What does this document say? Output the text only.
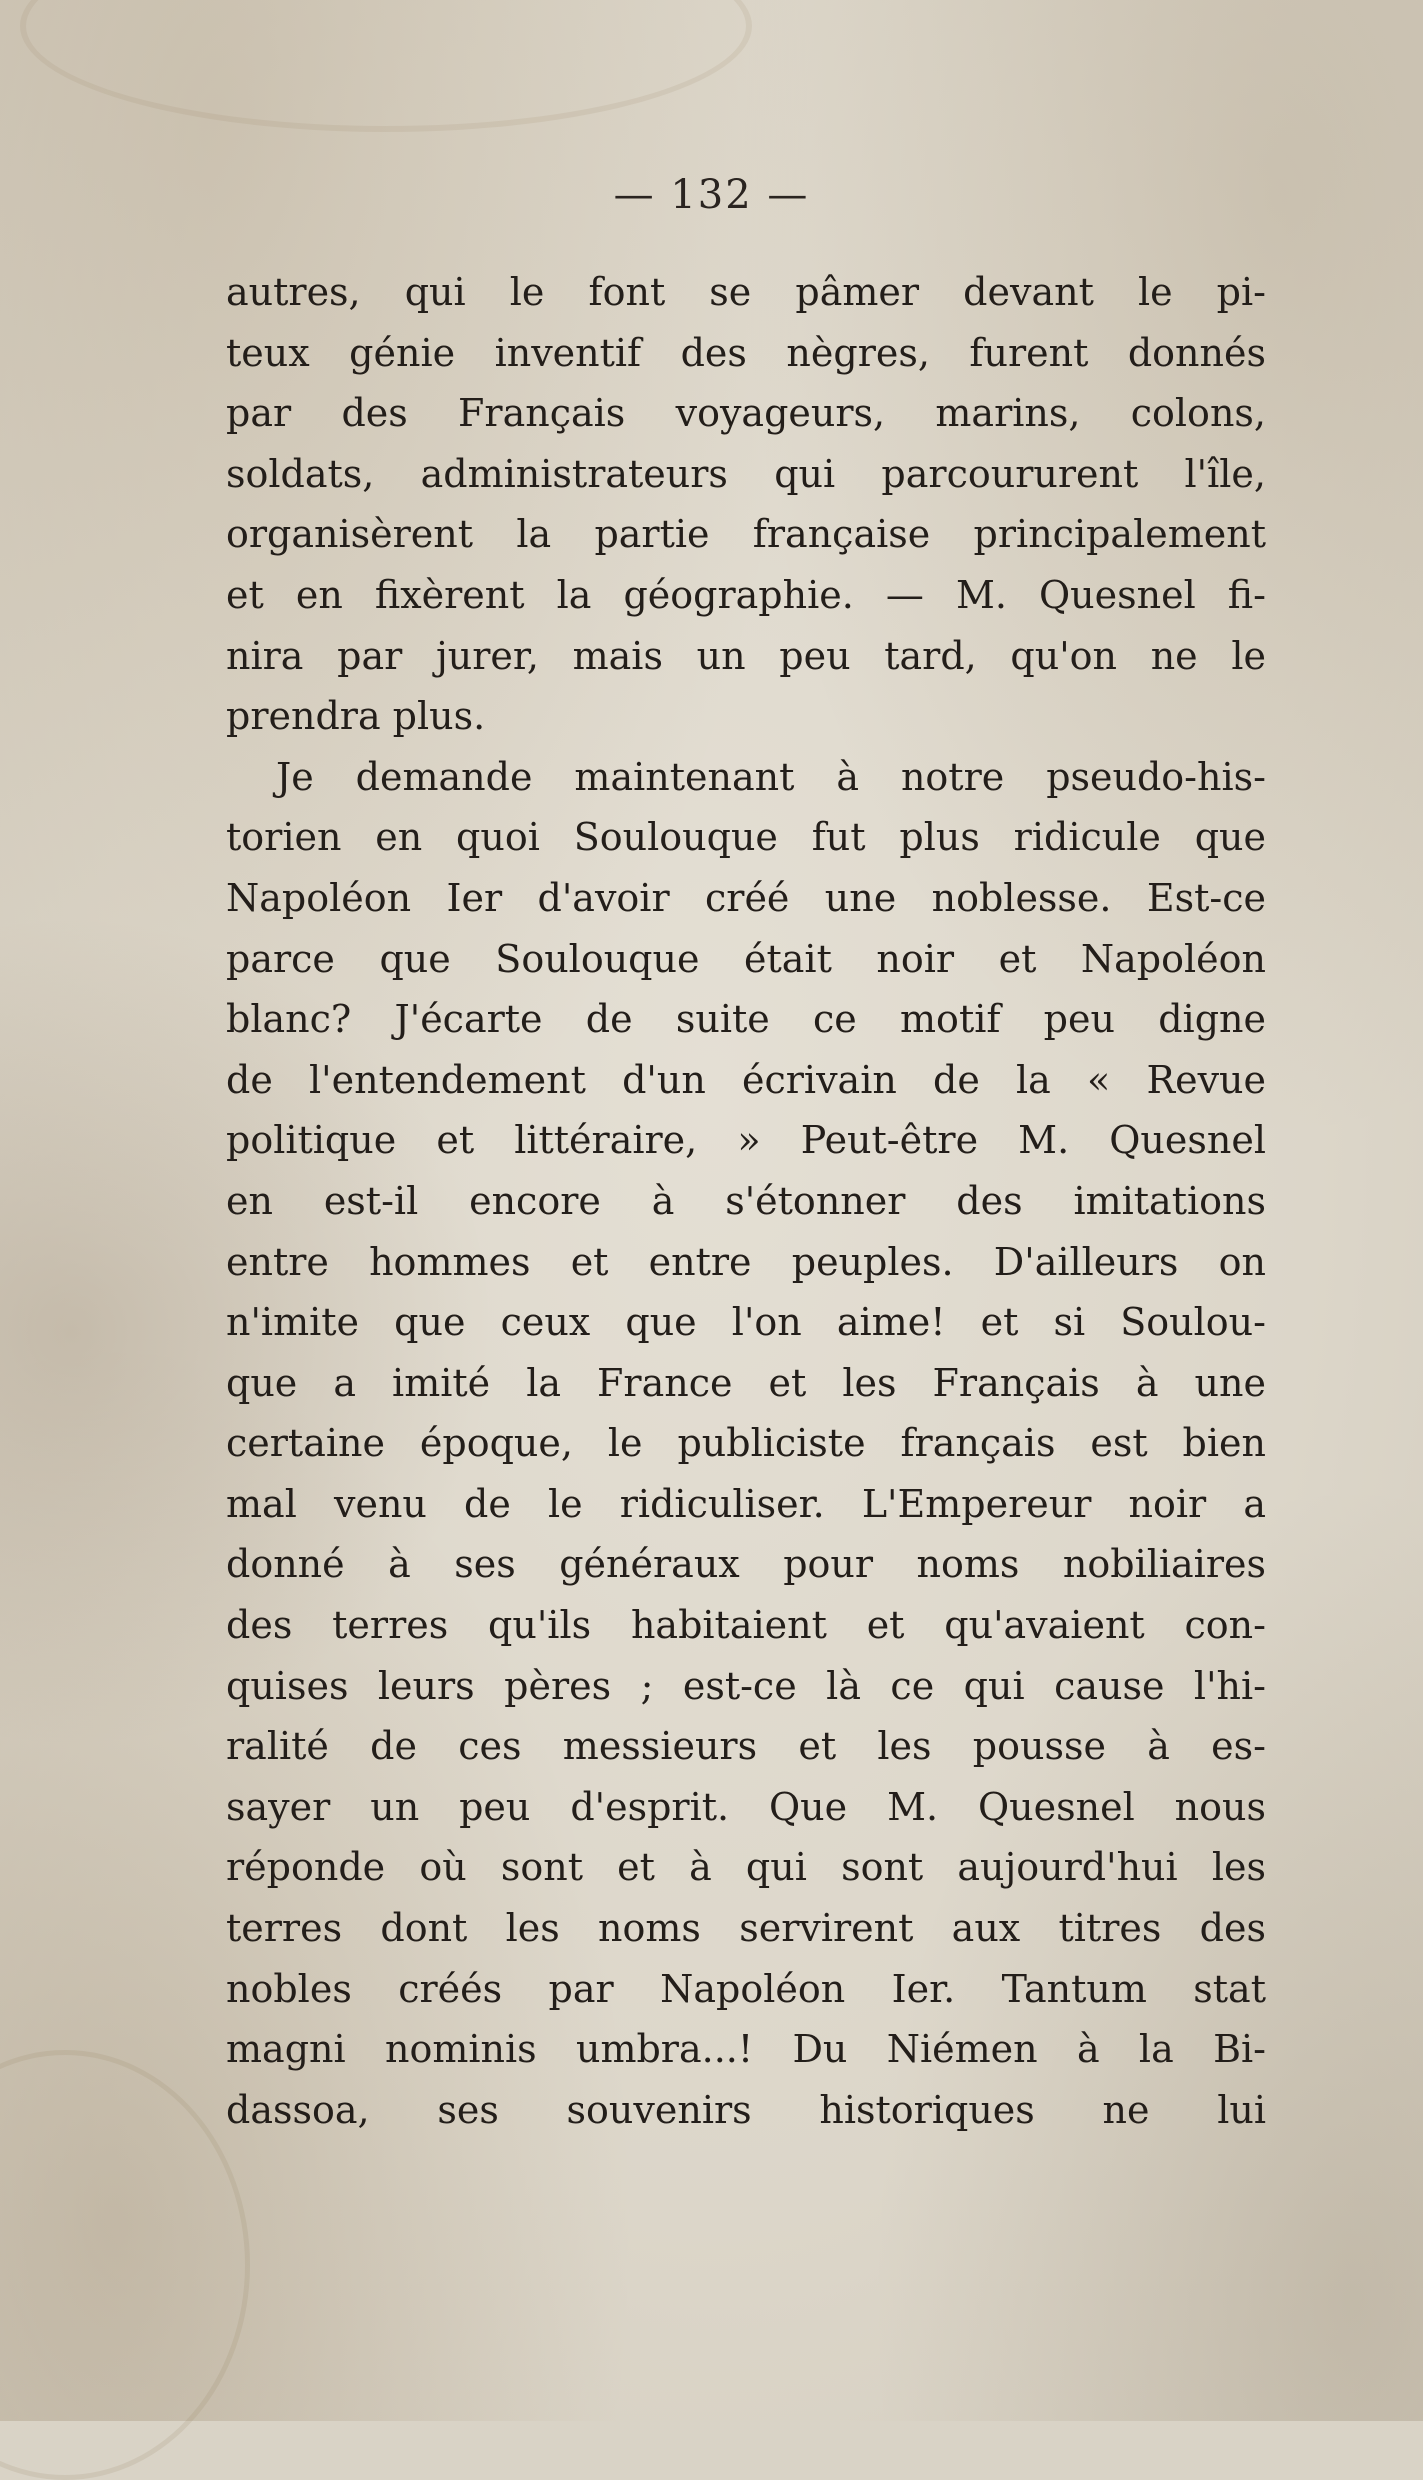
— 132 —
autres, qui le font se pâmer devant le pi-
teux génie inventif des nègres, furent donnés
par des Français voyageurs, marins, colons,
soldats, administrateurs qui parcoururent l'île,
organisèrent la partie française principalement
et en fixèrent la géographie. — M. Quesnel fi-
nira par jurer, mais un peu tard, qu'on ne le
prendra plus.
Je demande maintenant à notre pseudo-his-
torien en quoi Soulouque fut plus ridicule que
Napoléon Ier d'avoir créé une noblesse. Est-ce
parce que Soulouque était noir et Napoléon
blanc? J'écarte de suite ce motif peu digne
de l'entendement d'un écrivain de la « Revue
politique et littéraire, » Peut-être M. Quesnel
en est-il encore à s'étonner des imitations
entre hommes et entre peuples. D'ailleurs on
n'imite que ceux que l'on aime! et si Soulou-
que a imité la France et les Français à une
certaine époque, le publiciste français est bien
mal venu de le ridiculiser. L'Empereur noir a
donné à ses généraux pour noms nobiliaires
des terres qu'ils habitaient et qu'avaient con-
quises leurs pères ; est-ce là ce qui cause l'hi-
ralité de ces messieurs et les pousse à es-
sayer un peu d'esprit. Que M. Quesnel nous
réponde où sont et à qui sont aujourd'hui les
terres dont les noms servirent aux titres des
nobles créés par Napoléon Ier. Tantum stat
magni nominis umbra...! Du Niémen à la Bi-
dassoa, ses souvenirs historiques ne lui
